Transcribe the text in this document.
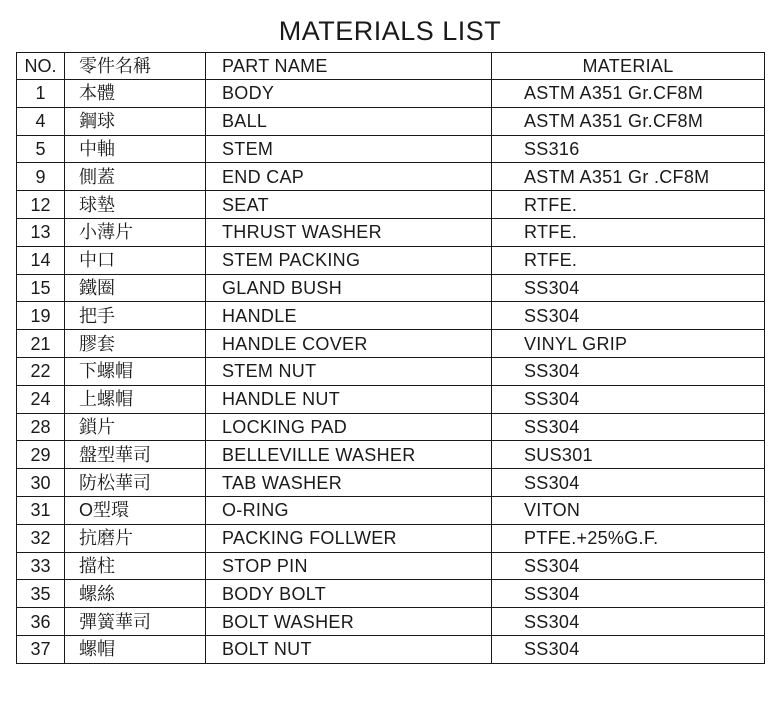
MATERIALS LIST
NO.	零件名稱	PART NAME	MATERIAL
1	本體	BODY	ASTM A351 Gr.CF8M
4	鋼球	BALL	ASTM A351 Gr.CF8M
5	中軸	STEM	SS316
9	側蓋	END CAP	ASTM A351 Gr .CF8M
12	球墊	SEAT	RTFE.
13	小薄片	THRUST WASHER	RTFE.
14	中口	STEM PACKING	RTFE.
15	鐵圈	GLAND BUSH	SS304
19	把手	HANDLE	SS304
21	膠套	HANDLE COVER	VINYL GRIP
22	下螺帽	STEM NUT	SS304
24	上螺帽	HANDLE NUT	SS304
28	鎖片	LOCKING PAD	SS304
29	盤型華司	BELLEVILLE WASHER	SUS301
30	防松華司	TAB WASHER	SS304
31	O型環	O-RING	VITON
32	抗磨片	PACKING FOLLWER	PTFE.+25%G.F.
33	擋柱	STOP PIN	SS304
35	螺絲	BODY BOLT	SS304
36	彈簧華司	BOLT WASHER	SS304
37	螺帽	BOLT NUT	SS304
